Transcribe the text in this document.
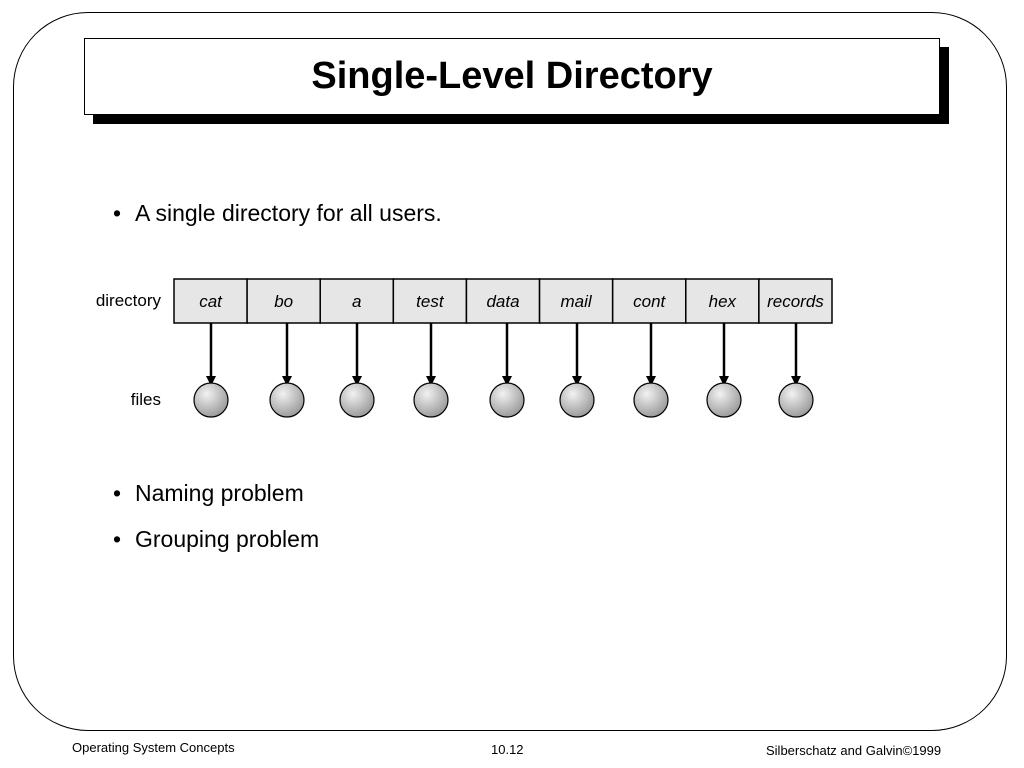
Single-Level Directory
• A single directory for all users.
directory
files
cat	bo	a	test	data mail cont	hex records
• Naming problem
• Grouping problem
Operating System Concepts	10.12	Silberschatz and Galvin©1999
